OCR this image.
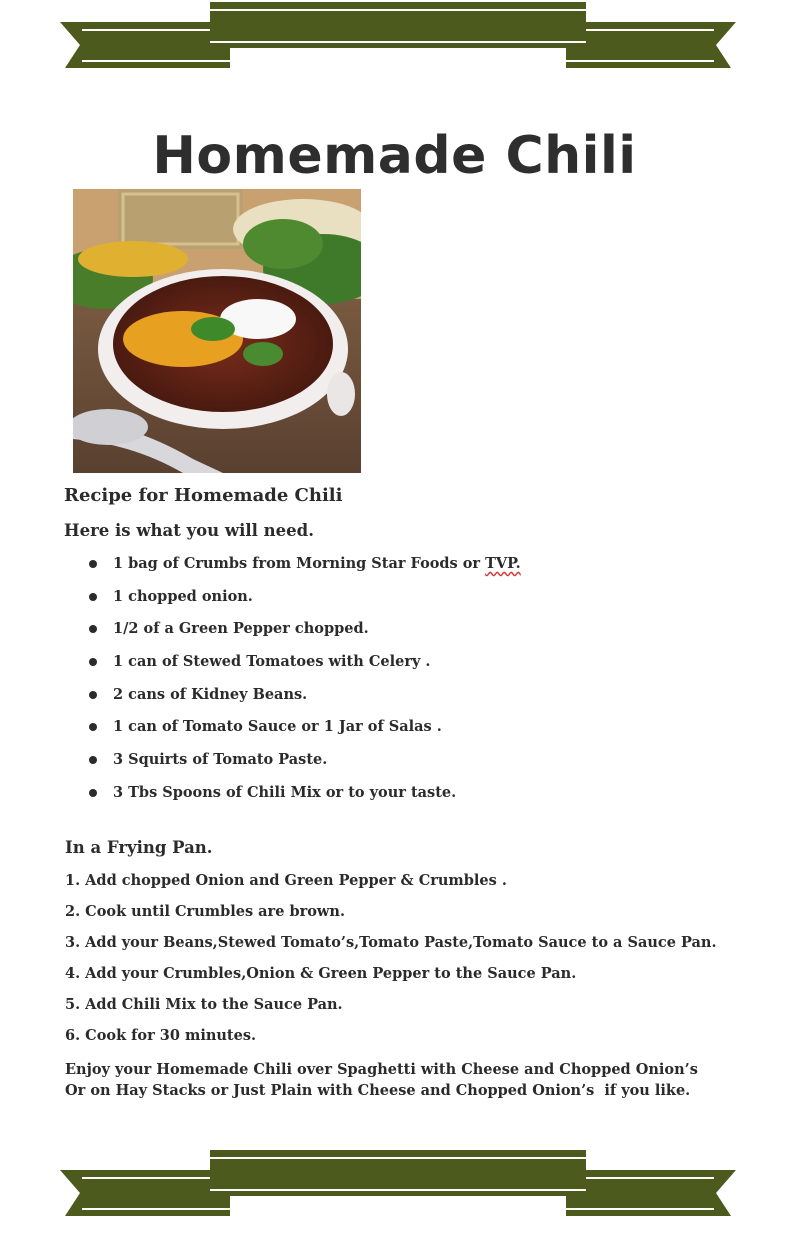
Homemade Chili
Recipe for Homemade Chili
Here is what you will need.
1 bag of Crumbs from Morning Star Foods or TVP.
1 chopped onion.
1/2 of a Green Pepper chopped.
1 can of Stewed Tomatoes with Celery .
2 cans of Kidney Beans.
1 can of Tomato Sauce or 1 Jar of Salas .
3 Squirts of Tomato Paste.
3 Tbs Spoons of Chili Mix or to your taste.
In a Frying Pan.
1. Add chopped Onion and Green Pepper & Crumbles .
2. Cook until Crumbles are brown.
3. Add your Beans,Stewed Tomato’s,Tomato Paste,Tomato Sauce to a Sauce Pan.
4. Add your Crumbles,Onion & Green Pepper to the Sauce Pan.
5. Add Chili Mix to the Sauce Pan.
6. Cook for 30 minutes.

Enjoy your Homemade Chili over Spaghetti with Cheese and Chopped Onion’s
Or on Hay Stacks or Just Plain with Cheese and Chopped Onion’s  if you like.
